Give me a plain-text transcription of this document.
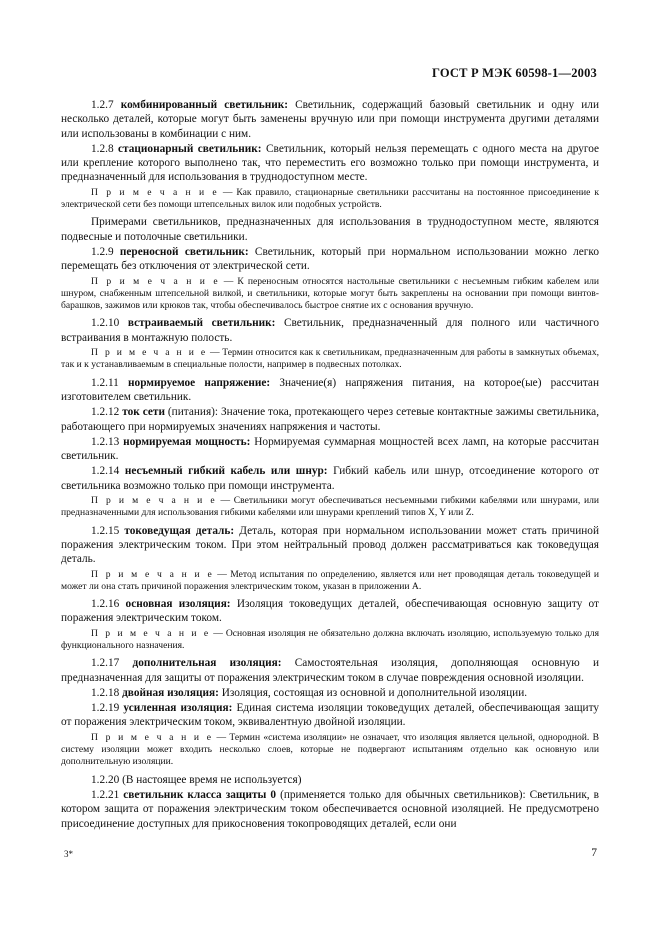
ГОСТ Р МЭК 60598-1—2003

1.2.7 комбинированный светильник: Светильник, содержащий базовый светильник и одну или несколько деталей, которые могут быть заменены вручную или при помощи инструмента другими деталями или использованы в комбинации с ним.

1.2.8 стационарный светильник: Светильник, который нельзя перемещать с одного места на другое или крепление которого выполнено так, что переместить его возможно только при помощи инструмента, и предназначенный для использования в труднодоступном месте.

П р и м е ч а н и е — Как правило, стационарные светильники рассчитаны на постоянное присоединение к электрической сети без помощи штепсельных вилок или подобных устройств.

Примерами светильников, предназначенных для использования в труднодоступном месте, являются подвесные и потолочные светильники.

1.2.9 переносной светильник: Светильник, который при нормальном использовании можно легко перемещать без отключения от электрической сети.

П р и м е ч а н и е — К переносным относятся настольные светильники с несъемным гибким кабелем или шнуром, снабженным штепсельной вилкой, и светильники, которые могут быть закреплены на основании при помощи винтов-барашков, зажимов или крюков так, чтобы обеспечивалось быстрое снятие их с основания вручную.

1.2.10 встраиваемый светильник: Светильник, предназначенный для полного или частичного встраивания в монтажную полость.

П р и м е ч а н и е — Термин относится как к светильникам, предназначенным для работы в замкнутых объемах, так и к устанавливаемым в специальные полости, например в подвесных потолках.

1.2.11 нормируемое напряжение: Значение(я) напряжения питания, на которое(ые) рассчитан изготовителем светильник.

1.2.12 ток сети (питания): Значение тока, протекающего через сетевые контактные зажимы светильника, работающего при нормируемых значениях напряжения и частоты.

1.2.13 нормируемая мощность: Нормируемая суммарная мощностей всех ламп, на которые рассчитан светильник.

1.2.14 несъемный гибкий кабель или шнур: Гибкий кабель или шнур, отсоединение которого от светильника возможно только при помощи инструмента.

П р и м е ч а н и е — Светильники могут обеспечиваться несъемными гибкими кабелями или шнурами, или предназначенными для использования гибкими кабелями или шнурами креплений типов X, Y или Z.

1.2.15 токоведущая деталь: Деталь, которая при нормальном использовании может стать причиной поражения электрическим током. При этом нейтральный провод должен рассматриваться как токоведущая деталь.

П р и м е ч а н и е — Метод испытания по определению, является или нет проводящая деталь токоведущей и может ли она стать причиной поражения электрическим током, указан в приложении А.

1.2.16 основная изоляция: Изоляция токоведущих деталей, обеспечивающая основную защиту от поражения электрическим током.

П р и м е ч а н и е — Основная изоляция не обязательно должна включать изоляцию, используемую только для функционального назначения.

1.2.17 дополнительная изоляция: Самостоятельная изоляция, дополняющая основную и предназначенная для защиты от поражения электрическим током в случае повреждения основной изоляции.

1.2.18 двойная изоляция: Изоляция, состоящая из основной и дополнительной изоляции.

1.2.19 усиленная изоляция: Единая система изоляции токоведущих деталей, обеспечивающая защиту от поражения электрическим током, эквивалентную двойной изоляции.

П р и м е ч а н и е — Термин «система изоляции» не означает, что изоляция является цельной, однородной. В систему изоляции может входить несколько слоев, которые не подвергают испытаниям отдельно как основную или дополнительную изоляции.

1.2.20 (В настоящее время не используется)

1.2.21 светильник класса защиты 0 (применяется только для обычных светильников): Светильник, в котором защита от поражения электрическим током обеспечивается основной изоляцией. Не предусмотрено присоединение доступных для прикосновения токопроводящих деталей, если они

3*	7
